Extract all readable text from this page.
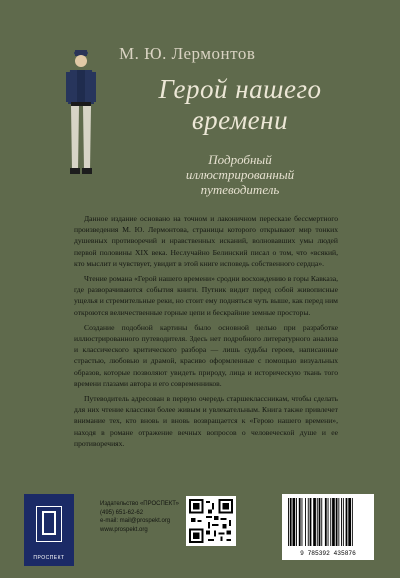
М. Ю. Лермонтов
Герой нашего
времени
Подробный
иллюстрированный
путеводитель

Данное издание основано на точном и лаконичном пересказе бессмертного произведения М. Ю. Лермонтова, страницы которого открывают мир тонких душевных противоречий и нравственных исканий, волновавших умы людей первой половины XIX века. Неслучайно Белинский писал о том, что «всякий, кто мыслит и чувствует, увидит в этой книге исповедь собственного сердца».

Чтение романа «Герой нашего времени» сродни восхождению в горы Кавказа, где разворачиваются события книги. Путник видит перед собой живописные ущелья и стремительные реки, но стоит ему подняться чуть выше, как перед ним откроются величественные горные цепи и бескрайние земные просторы.

Создание подобной картины было основной целью при разработке иллюстрированного путеводителя. Здесь нет подробного литературного анализа и классического критического разбора — лишь судьбы героев, написанные страстью, любовью и драмой, красиво оформленные с помощью визуальных образов, которые позволяют увидеть природу, лица и историческую ткань того времени глазами автора и его современников.

Путеводитель адресован в первую очередь старшеклассникам, чтобы сделать для них чтение классики более живым и увлекательным. Книга также привлечет внимание тех, кто вновь и вновь возвращается к «Герою нашего времени», находя в романе отражение вечных вопросов о человеческой душе и ее противоречиях.

ПРОСПЕКТ
Издательство «ПРОСПЕКТ»
(495) 651-62-62
e-mail: mail@prospekt.org
www.prospekt.org
9 785392 435876
